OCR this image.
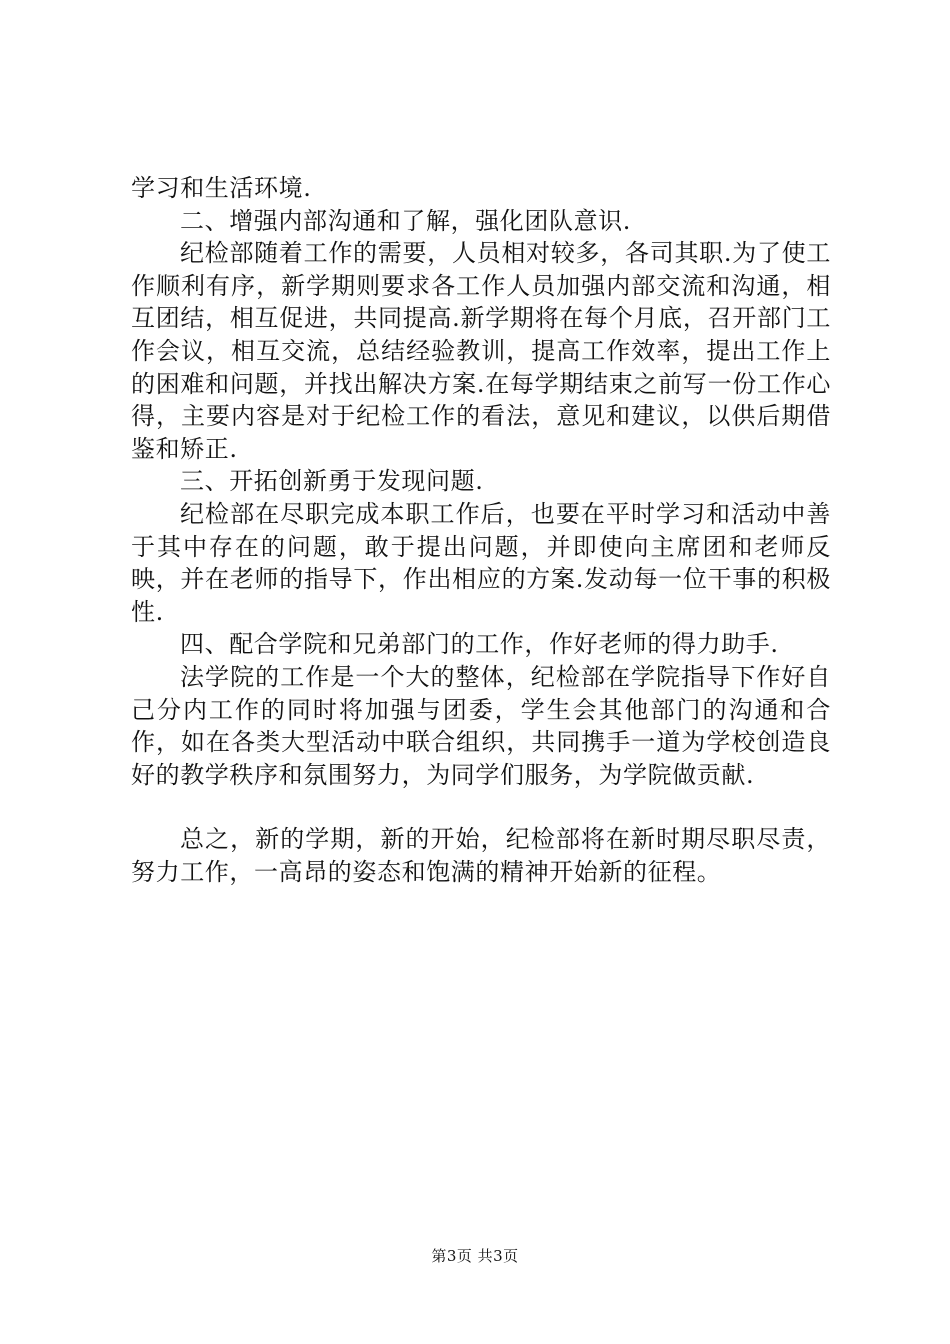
学习和生活环境.

二、增强内部沟通和了解，强化团队意识.

纪检部随着工作的需要，人员相对较多，各司其职.为了使工作顺利有序，新学期则要求各工作人员加强内部交流和沟通，相互团结，相互促进，共同提高.新学期将在每个月底，召开部门工作会议，相互交流，总结经验教训，提高工作效率，提出工作上的困难和问题，并找出解决方案.在每学期结束之前写一份工作心得，主要内容是对于纪检工作的看法，意见和建议，以供后期借鉴和矫正.

三、开拓创新勇于发现问题.

纪检部在尽职完成本职工作后，也要在平时学习和活动中善于其中存在的问题，敢于提出问题，并即使向主席团和老师反映，并在老师的指导下，作出相应的方案.发动每一位干事的积极性.

四、配合学院和兄弟部门的工作，作好老师的得力助手.

法学院的工作是一个大的整体，纪检部在学院指导下作好自己分内工作的同时将加强与团委，学生会其他部门的沟通和合作，如在各类大型活动中联合组织，共同携手一道为学校创造良好的教学秩序和氛围努力，为同学们服务，为学院做贡献.

总之，新的学期，新的开始，纪检部将在新时期尽职尽责，努力工作，一高昂的姿态和饱满的精神开始新的征程。

第3页 共3页
